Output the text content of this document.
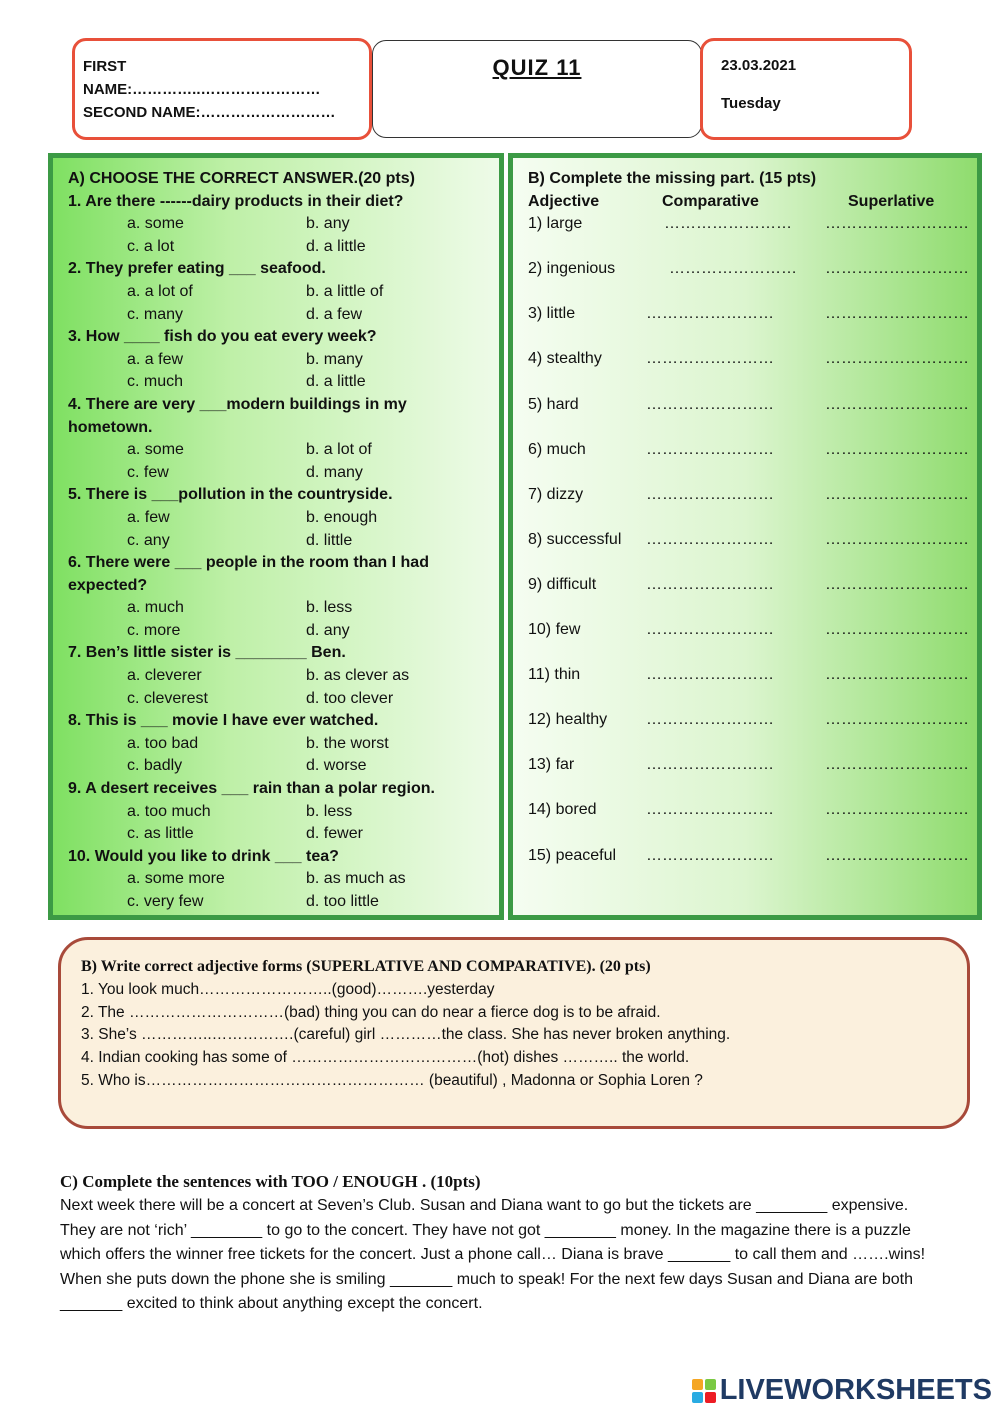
FIRST NAME:…………..……………………
SECOND NAME:………………………
QUIZ 11	23.03.2021
Tuesday
A) CHOOSE THE CORRECT ANSWER.(20 pts)
1. Are there ------dairy products in their diet?
a. some	b. any
c. a lot	d. a little
2. They prefer eating ___ seafood.
a. a lot of	b. a little of
c. many	d. a few
3. How ____ fish do you eat every week?
a. a few	b. many
c. much	d. a little
4. There are very ___modern buildings in my hometown.
a. some	b. a lot of
c. few	d. many
5. There is ___pollution in the countryside.
a. few	b. enough
c. any	d. little
6. There were ___ people in the room than I had expected?
a. much	b. less
c. more	d. any
7. Ben’s little sister is ________ Ben.
a. cleverer	b. as clever as
c. cleverest	d. too clever
8. This is ___ movie I have ever watched.
a. too bad	b. the worst
c. badly	d. worse
9. A desert receives ___ rain than a polar region.
a. too much	b. less
c. as little	d. fewer
10. Would you like to drink ___ tea?
a. some more	b. as much as
c. very few	d. too little
B) Complete the missing part. (15 pts)
Adjective	Comparative	Superlative
1) large	…………………… ………………………
2) ingenious	…………………… ………………………
3) little	……………………	………………………
4) stealthy	……………………	………………………
5) hard	……………………	………………………
6) much	……………………	………………………
7) dizzy	……………………	………………………
8) successful ……………………	………………………
9) difficult	……………………	………………………
10) few	……………………	………………………
11) thin	……………………	………………………
12) healthy ……………………	………………………
13) far	……………………	………………………
14) bored	……………………	………………………
15) peaceful ……………………	………………………
B) Write correct adjective forms (SUPERLATIVE AND COMPARATIVE). (20 pts)
1. You look much……………………..(good)……….yesterday
2. The …………………………(bad) thing you can do near a fierce dog is to be afraid.
3. She’s …………..…………….(careful) girl …………the class. She has never broken anything.
4. Indian cooking has some of ………………………………(hot) dishes ……….. the world.
5. Who is……………………………………………… (beautiful) , Madonna or Sophia Loren ?
C) Complete the sentences with TOO / ENOUGH . (10pts)
Next week there will be a concert at Seven’s Club. Susan and Diana want to go but the tickets are ________ expensive.
They are not ‘rich’ ________ to go to the concert. They have not got ________ money. In the magazine there is a puzzle
which offers the winner free tickets for the concert. Just a phone call… Diana is brave _______ to call them and …….wins!
When she puts down the phone she is smiling _______ much to speak! For the next few days Susan and Diana are both
_______ excited to think about anything except the concert.
LIVEWORKSHEETS
